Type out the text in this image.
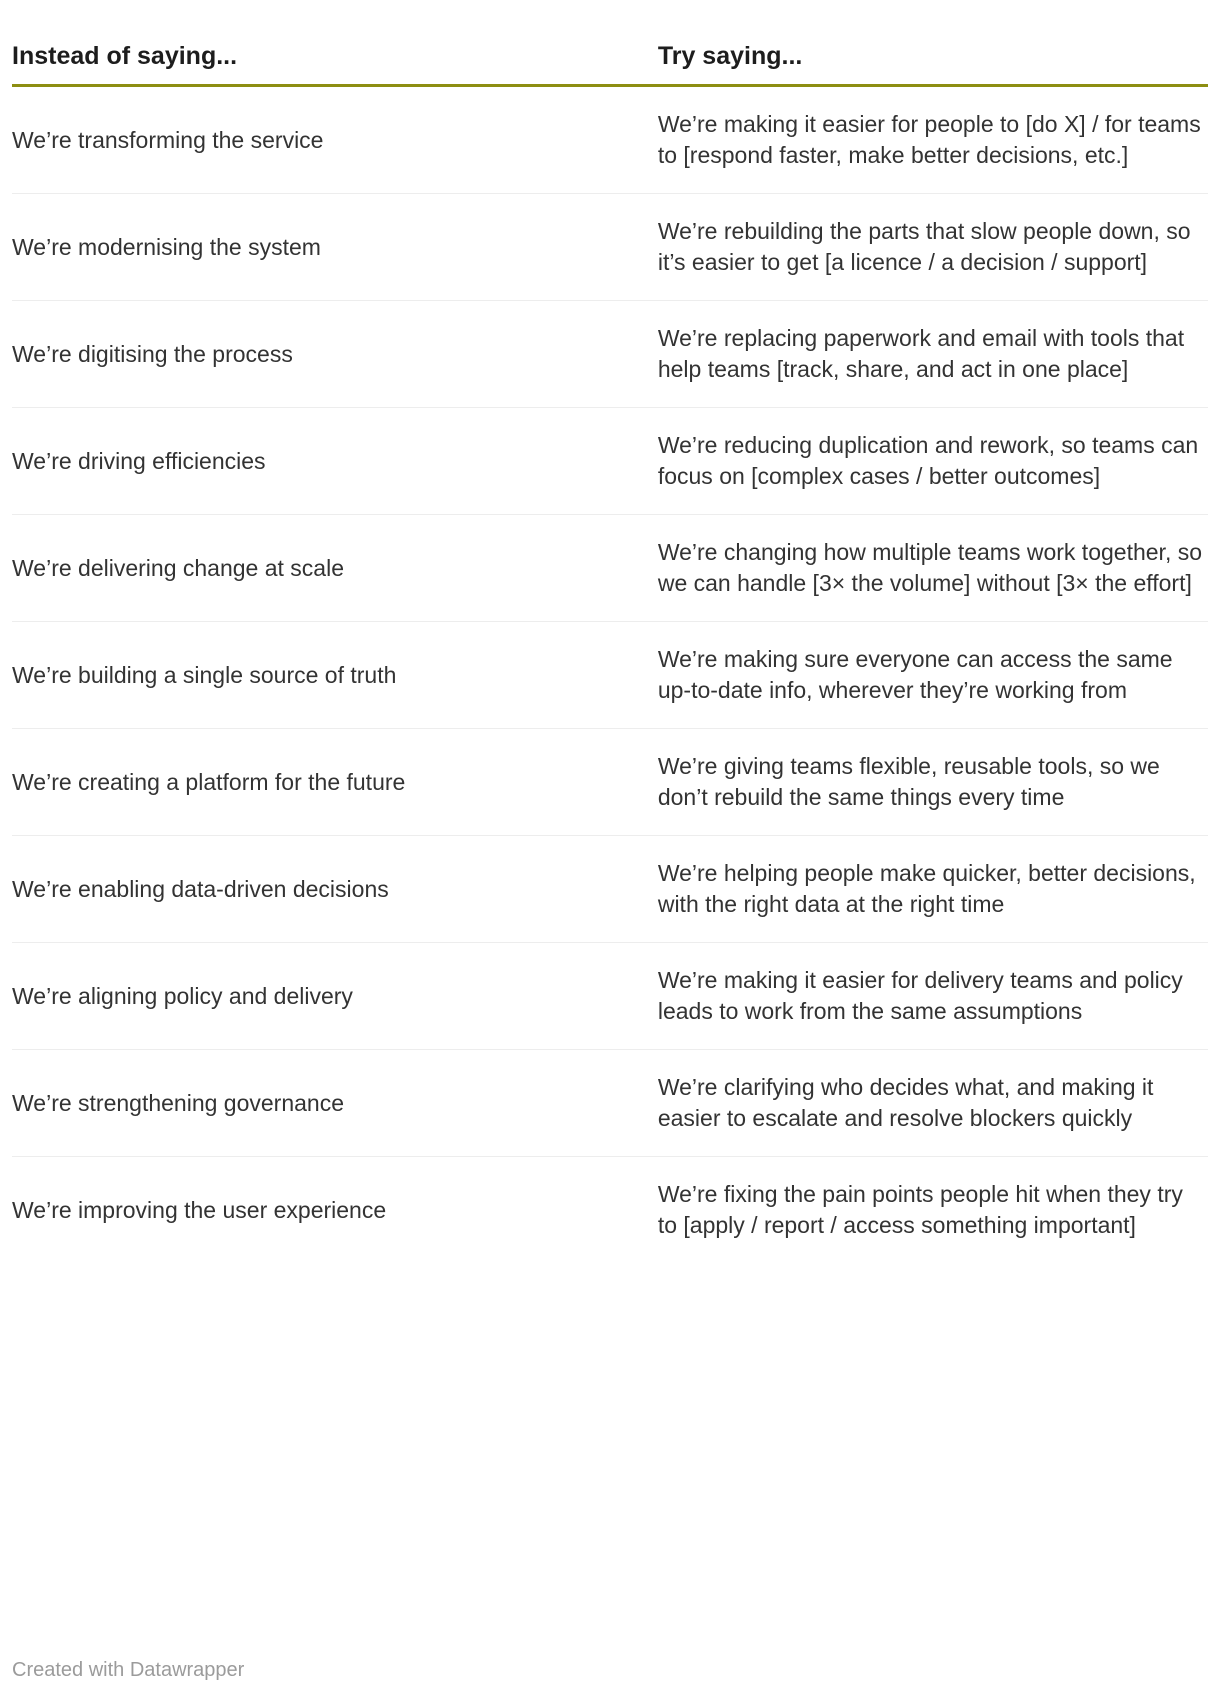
Instead of saying...	Try saying...
We’re transforming the service	We’re making it easier for people to [do X] / for teams to [respond faster, make better decisions, etc.]
We’re modernising the system	We’re rebuilding the parts that slow people down, so it’s easier to get [a licence / a decision / support]
We’re digitising the process	We’re replacing paperwork and email with tools that help teams [track, share, and act in one place]
We’re driving efficiencies	We’re reducing duplication and rework, so teams can focus on [complex cases / better outcomes]
We’re delivering change at scale	We’re changing how multiple teams work together, so we can handle [3× the volume] without [3× the effort]
We’re building a single source of truth	We’re making sure everyone can access the same up-to-date info, wherever they’re working from
We’re creating a platform for the future	We’re giving teams flexible, reusable tools, so we don’t rebuild the same things every time
We’re enabling data-driven decisions	We’re helping people make quicker, better decisions, with the right data at the right time
We’re aligning policy and delivery	We’re making it easier for delivery teams and policy leads to work from the same assumptions
We’re strengthening governance	We’re clarifying who decides what, and making it easier to escalate and resolve blockers quickly
We’re improving the user experience	We’re fixing the pain points people hit when they try to [apply / report / access something important]
Created with Datawrapper
